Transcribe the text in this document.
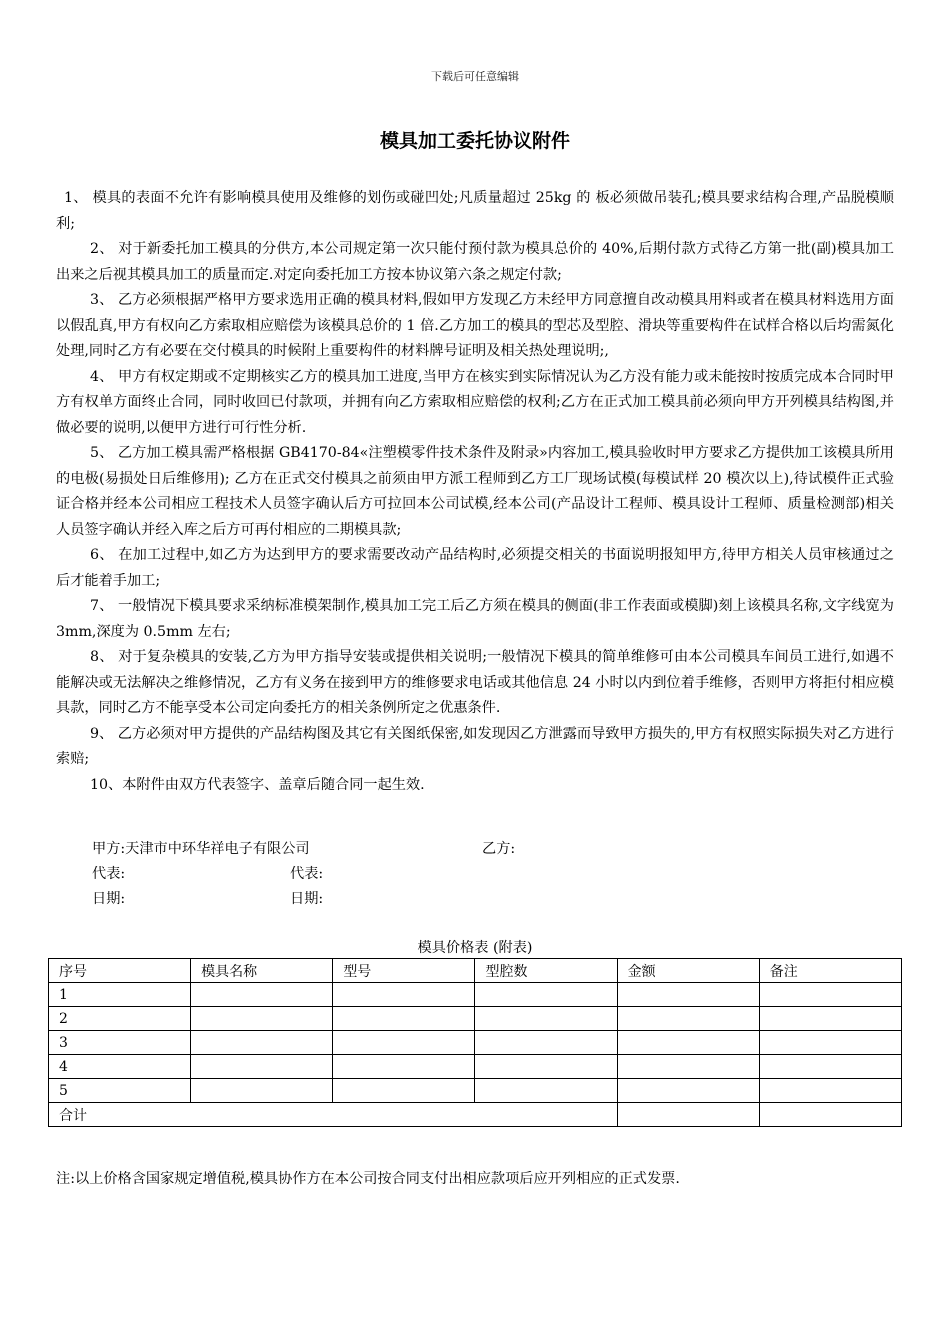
下载后可任意编辑
模具加工委托协议附件

1、 模具的表面不允许有影响模具使用及维修的划伤或碰凹处;凡质量超过 25kg 的 板必须做吊装孔;模具要求结构合理,产品脱模顺利;

2、 对于新委托加工模具的分供方,本公司规定第一次只能付预付款为模具总价的 40%,后期付款方式待乙方第一批(副)模具加工出来之后视其模具加工的质量而定.对定向委托加工方按本协议第六条之规定付款;

3、 乙方必须根据严格甲方要求选用正确的模具材料,假如甲方发现乙方未经甲方同意擅自改动模具用料或者在模具材料选用方面以假乱真,甲方有权向乙方索取相应赔偿为该模具总价的 1 倍.乙方加工的模具的型芯及型腔、滑块等重要构件在试样合格以后均需氮化处理,同时乙方有必要在交付模具的时候附上重要构件的材料牌号证明及相关热处理说明;,

4、 甲方有权定期或不定期核实乙方的模具加工进度,当甲方在核实到实际情况认为乙方没有能力或未能按时按质完成本合同时甲方有权单方面终止合同，同时收回已付款项，并拥有向乙方索取相应赔偿的权利;乙方在正式加工模具前必须向甲方开列模具结构图,并做必要的说明,以便甲方进行可行性分析.

5、 乙方加工模具需严格根据 GB4170-84«注塑模零件技术条件及附录»内容加工,模具验收时甲方要求乙方提供加工该模具所用的电极(易损处日后维修用); 乙方在正式交付模具之前须由甲方派工程师到乙方工厂现场试模(每模试样 20 模次以上),待试模件正式验证合格并经本公司相应工程技术人员签字确认后方可拉回本公司试模,经本公司(产品设计工程师、模具设计工程师、质量检测部)相关人员签字确认并经入库之后方可再付相应的二期模具款;

6、 在加工过程中,如乙方为达到甲方的要求需要改动产品结构时,必须提交相关的书面说明报知甲方,待甲方相关人员审核通过之后才能着手加工;

7、 一般情况下模具要求采纳标准模架制作,模具加工完工后乙方须在模具的侧面(非工作表面或模脚)刻上该模具名称,文字线宽为 3mm,深度为 0.5mm 左右;

8、 对于复杂模具的安装,乙方为甲方指导安装或提供相关说明;一般情况下模具的简单维修可由本公司模具车间员工进行,如遇不能解决或无法解决之维修情况，乙方有义务在接到甲方的维修要求电话或其他信息 24 小时以内到位着手维修，否则甲方将拒付相应模具款，同时乙方不能享受本公司定向委托方的相关条例所定之优惠条件.

9、 乙方必须对甲方提供的产品结构图及其它有关图纸保密,如发现因乙方泄露而导致甲方损失的,甲方有权照实际损失对乙方进行索赔;

10、本附件由双方代表签字、盖章后随合同一起生效.

甲方:天津市中环华祥电子有限公司	乙方:
代表:	代表:
日期:	日期:
模具价格表 (附表)
序号	模具名称	型号	型腔数	金额	备注
1					
2					
3					
4					
5					
合计					
注:以上价格含国家规定增值税,模具协作方在本公司按合同支付出相应款项后应开列相应的正式发票.
